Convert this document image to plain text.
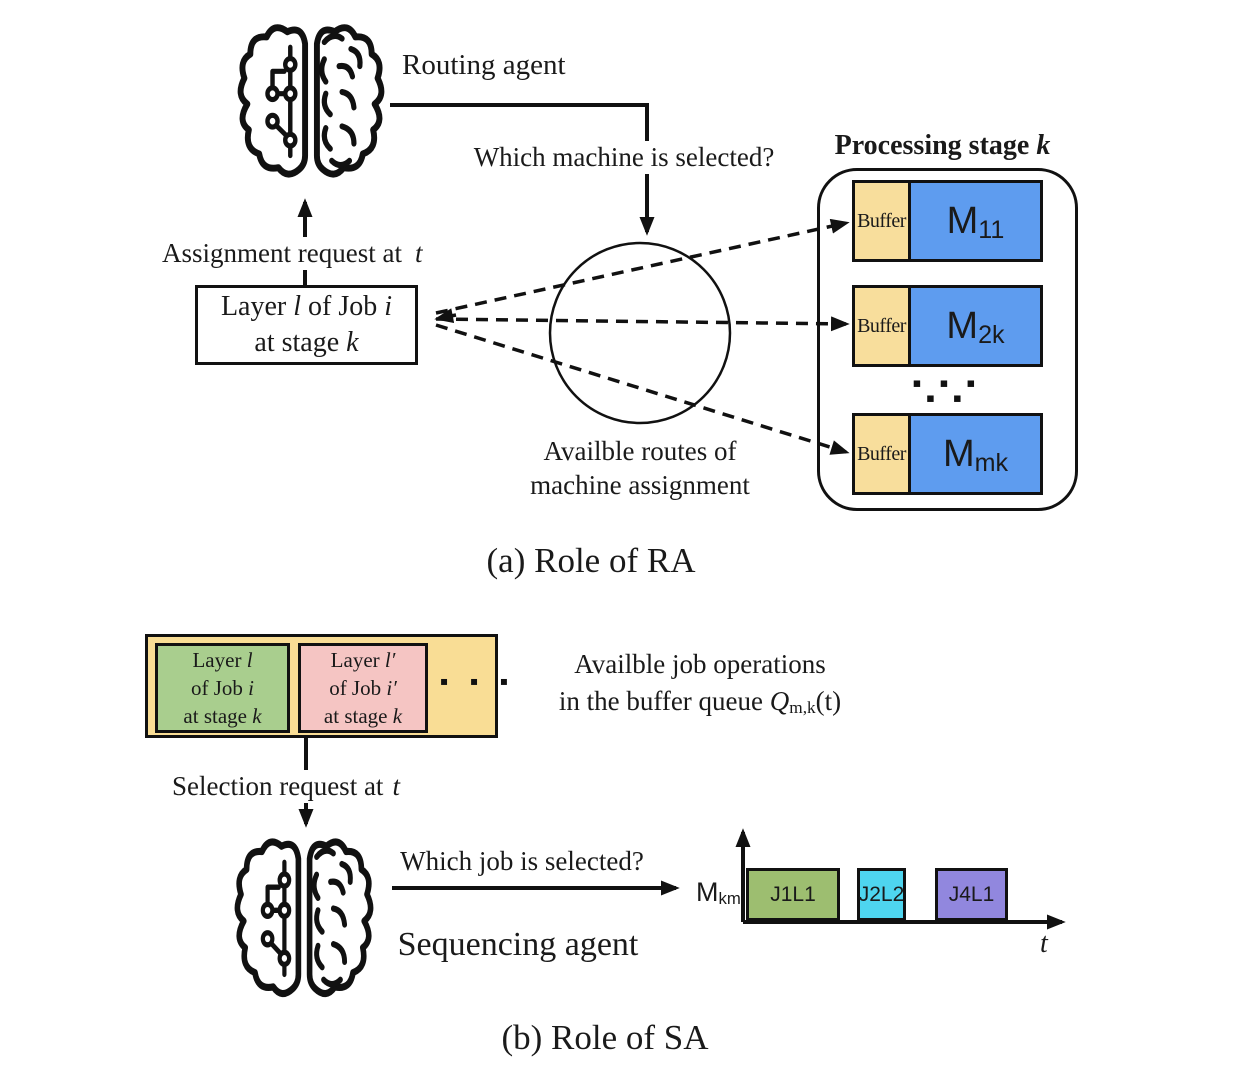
Routing agent
Which machine is selected?
Assignment request at t
Processing stage k
Buffer $M_{11}$
Buffer $M_{2k}$
▪ ▪ ▪ ▪ ▪
Buffer $M_{mk}$
Layer l of Job i
at stage k
Availble routes of
machine assignment
(a) Role of RA
Layer l
of Job i
at stage k
Layer l′
of Job i′
at stage k
▪ ▪ ▪
Availble job operations
in the buffer queue $Q_{m,k}(t)$
Selection request at t
Which job is selected?
Sequencing agent
$M_{km}$ J1L1 J2L2 J4L1
t
(b) Role of SA
